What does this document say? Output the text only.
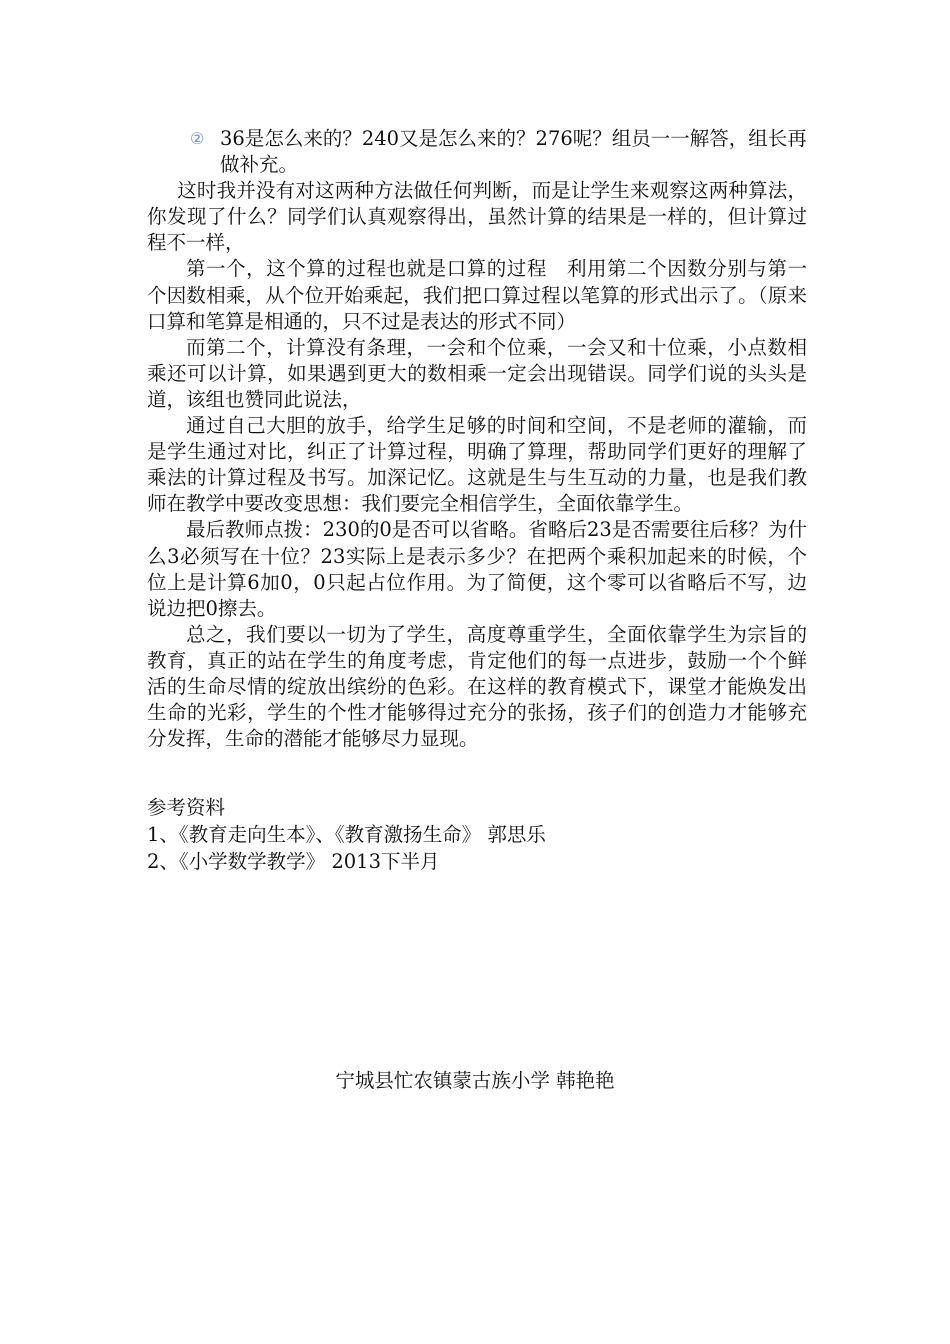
② 36是怎么来的？240又是怎么来的？276呢？组员一一解答，组长再做补充。

这时我并没有对这两种方法做任何判断，而是让学生来观察这两种算法，你发现了什么？同学们认真观察得出，虽然计算的结果是一样的，但计算过程不一样，

第一个，这个算的过程也就是口算的过程　利用第二个因数分别与第一个因数相乘，从个位开始乘起，我们把口算过程以笔算的形式出示了。（原来口算和笔算是相通的，只不过是表达的形式不同）

而第二个，计算没有条理，一会和个位乘，一会又和十位乘，小点数相乘还可以计算，如果遇到更大的数相乘一定会出现错误。同学们说的头头是道，该组也赞同此说法，

通过自己大胆的放手，给学生足够的时间和空间，不是老师的灌输，而是学生通过对比，纠正了计算过程，明确了算理，帮助同学们更好的理解了乘法的计算过程及书写。加深记忆。这就是生与生互动的力量，也是我们教师在教学中要改变思想：我们要完全相信学生，全面依靠学生。

最后教师点拨：230的0是否可以省略。省略后23是否需要往后移？为什么3必须写在十位？23实际上是表示多少？在把两个乘积加起来的时候，个位上是计算6加0，0只起占位作用。为了简便，这个零可以省略后不写，边说边把0擦去。

总之，我们要以一切为了学生，高度尊重学生，全面依靠学生为宗旨的教育，真正的站在学生的角度考虑，肯定他们的每一点进步，鼓励一个个鲜活的生命尽情的绽放出缤纷的色彩。在这样的教育模式下，课堂才能焕发出生命的光彩，学生的个性才能够得过充分的张扬，孩子们的创造力才能够充分发挥，生命的潜能才能够尽力显现。

参考资料
1、《教育走向生本》、《教育激扬生命》 郭思乐
2、《小学数学教学》 2013下半月
宁城县忙农镇蒙古族小学 韩艳艳
